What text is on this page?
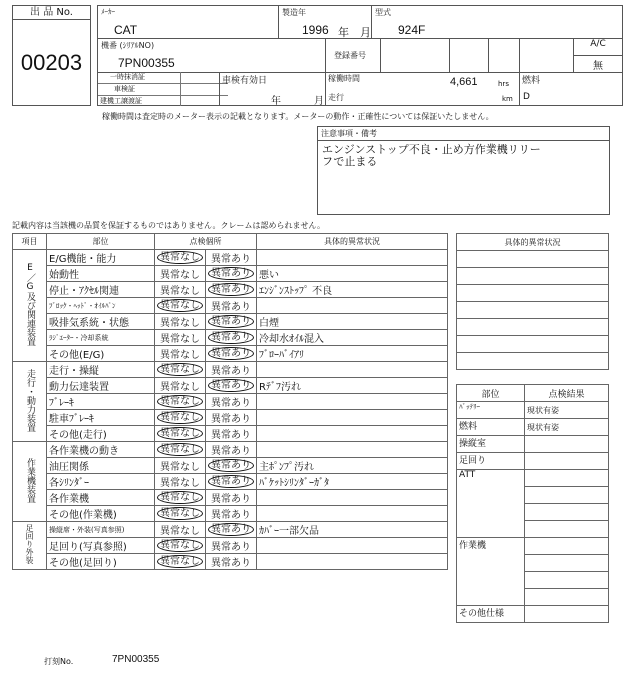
出 品 No.
00203
ﾒｰｶｰ
CAT
製造年
1996 年 月
型式
924F
機番 (ｼﾘｱﾙNO)
7PN00355
登録番号
A/C
無
一時抹消証
車検証
建機工譲渡証
車検有効日
年	月
稼働時間	4,661	hrs
走行	km
燃料
D
稼働時間は査定時のメーター表示の記載となります。メーターの動作・正確性については保証いたしません。
注意事項・備考
エンジンストップ不良・止め方作業機リリー
フで止まる
記載内容は当該機の品質を保証するものではありません。クレームは認められません。
項目	部位	点検個所		具体的異常状況
E／G及び関連装置	E/G機能・能力	異常なし	異常あり	
	始動性	異常なし	異常あり	悪い
	停止・ｱｸｾﾙ関連	異常なし	異常あり	ｴﾝｼﾞﾝｽﾄｯﾌﾟ 不良
	ﾌﾞﾛｯｸ・ﾍｯﾄﾞ・ｵｲﾙﾊﾟﾝ	異常なし	異常あり	
	吸排気系統・状態	異常なし	異常あり	白煙
	ﾗｼﾞｴｰﾀｰ・冷却系統	異常なし	異常あり	冷却水ｵｲﾙ混入
	その他(E/G)	異常なし	異常あり	ﾌﾞﾛｰﾊﾞｲｱﾘ
走行・動力装置	走行・操縦	異常なし	異常あり	
	動力伝達装置	異常なし	異常あり	Rﾃﾞﾌ汚れ
	ﾌﾞﾚｰｷ	異常なし	異常あり	
	駐車ﾌﾞﾚｰｷ	異常なし	異常あり	
	その他(走行)	異常なし	異常あり	
作業機装置	各作業機の動き	異常なし	異常あり	
	油圧関係	異常なし	異常あり	主ﾎﾟﾝﾌﾟ汚れ
	各ｼﾘﾝﾀﾞｰ	異常なし	異常あり	ﾊﾞｹｯﾄｼﾘﾝﾀﾞｰｶﾞﾀ
	各作業機	異常なし	異常あり	
	その他(作業機)	異常なし	異常あり	
足回り外装	操縦席・外装(写真参照)	異常なし	異常あり	ｶﾊﾞｰ一部欠品
	足回り(写真参照)	異常なし	異常あり	
	その他(足回り)	異常なし	異常あり	
具体的異常状況

部位	点検結果
ﾊﾞｯﾃﾘｰ	現状有姿
燃料	現状有姿
操縦室	
足回り	
ATT	

作業機	

その他仕様	
打刻No.	7PN00355
